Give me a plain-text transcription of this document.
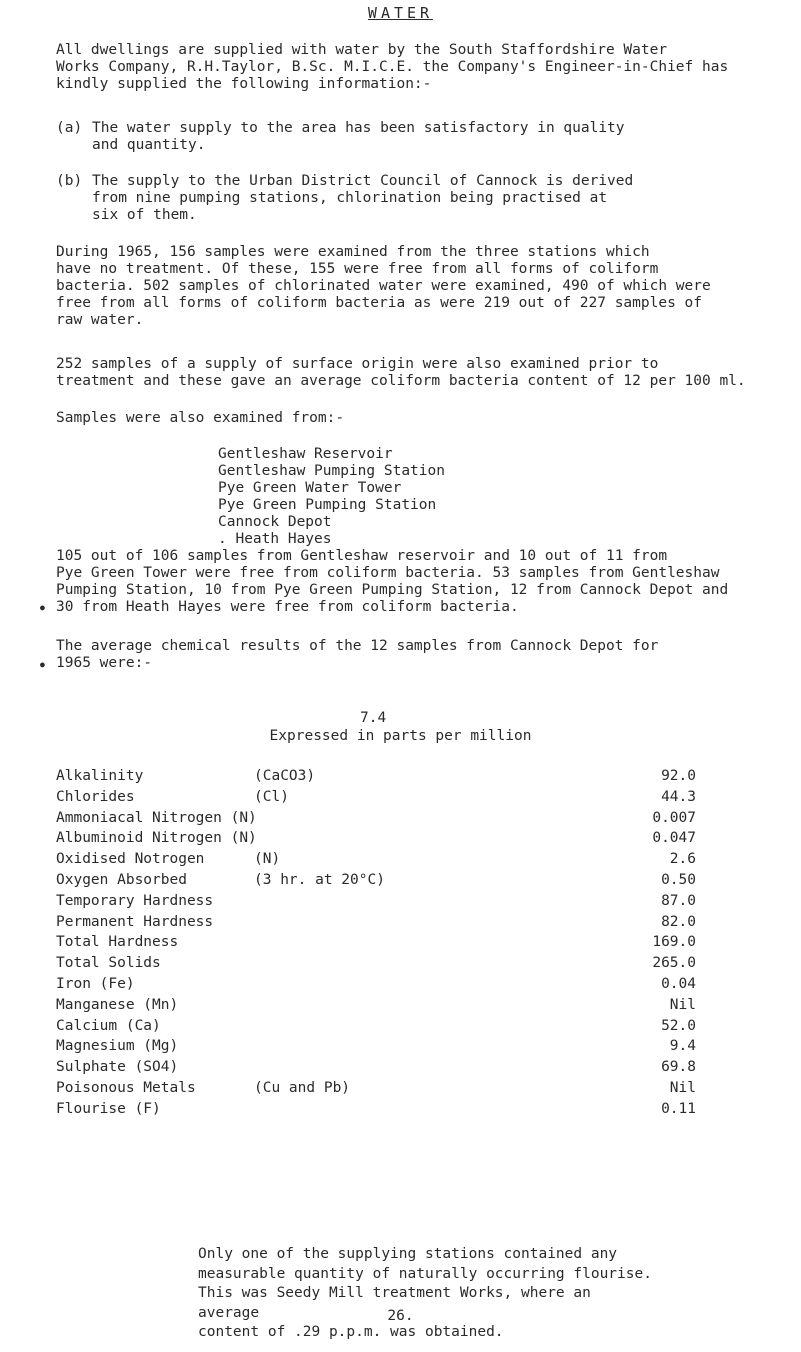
WATER
All dwellings are supplied with water by the South Staffordshire Water
Works Company, R.H.Taylor, B.Sc. M.I.C.E. the Company's Engineer-in-Chief has
kindly supplied the following information:-
(a) The water supply to the area has been satisfactory in quality
and quantity.
(b) The supply to the Urban District Council of Cannock is derived
from nine pumping stations, chlorination being practised at
six of them.
During 1965, 156 samples were examined from the three stations which
have no treatment. Of these, 155 were free from all forms of coliform
bacteria. 502 samples of chlorinated water were examined, 490 of which were
free from all forms of coliform bacteria as were 219 out of 227 samples of
raw water.
252 samples of a supply of surface origin were also examined prior to
treatment and these gave an average coliform bacteria content of 12 per 100 ml.
Samples were also examined from:-
Gentleshaw Reservoir
Gentleshaw Pumping Station
Pye Green Water Tower
Pye Green Pumping Station
Cannock Depot
. Heath Hayes
105 out of 106 samples from Gentleshaw reservoir and 10 out of 11 from
Pye Green Tower were free from coliform bacteria. 53 samples from Gentleshaw
Pumping Station, 10 from Pye Green Pumping Station, 12 from Cannock Depot and
30 from Heath Hayes were free from coliform bacteria.
●
The average chemical results of the 12 samples from Cannock Depot for
1965 were:-
●
7.4
Expressed in parts per million
Alkalinity	(CaCO3)	92.0
Chlorides	(Cl)	44.3
Ammoniacal Nitrogen (N)	0.007
Albuminoid Nitrogen (N)	0.047
Oxidised Notrogen	(N)	2.6
Oxygen Absorbed	(3 hr. at 20°C)	0.50
Temporary Hardness	87.0
Permanent Hardness	82.0
Total Hardness	169.0
Total Solids	265.0
Iron (Fe)	0.04
Manganese (Mn)	Nil
Calcium (Ca)	52.0
Magnesium (Mg)	9.4
Sulphate (SO4)	69.8
Poisonous Metals	(Cu and Pb)	Nil
Flourise (F)	0.11
Only one of the supplying stations contained any
measurable quantity of naturally occurring flourise.
This was Seedy Mill treatment Works, where an average
content of .29 p.p.m. was obtained.
26.
